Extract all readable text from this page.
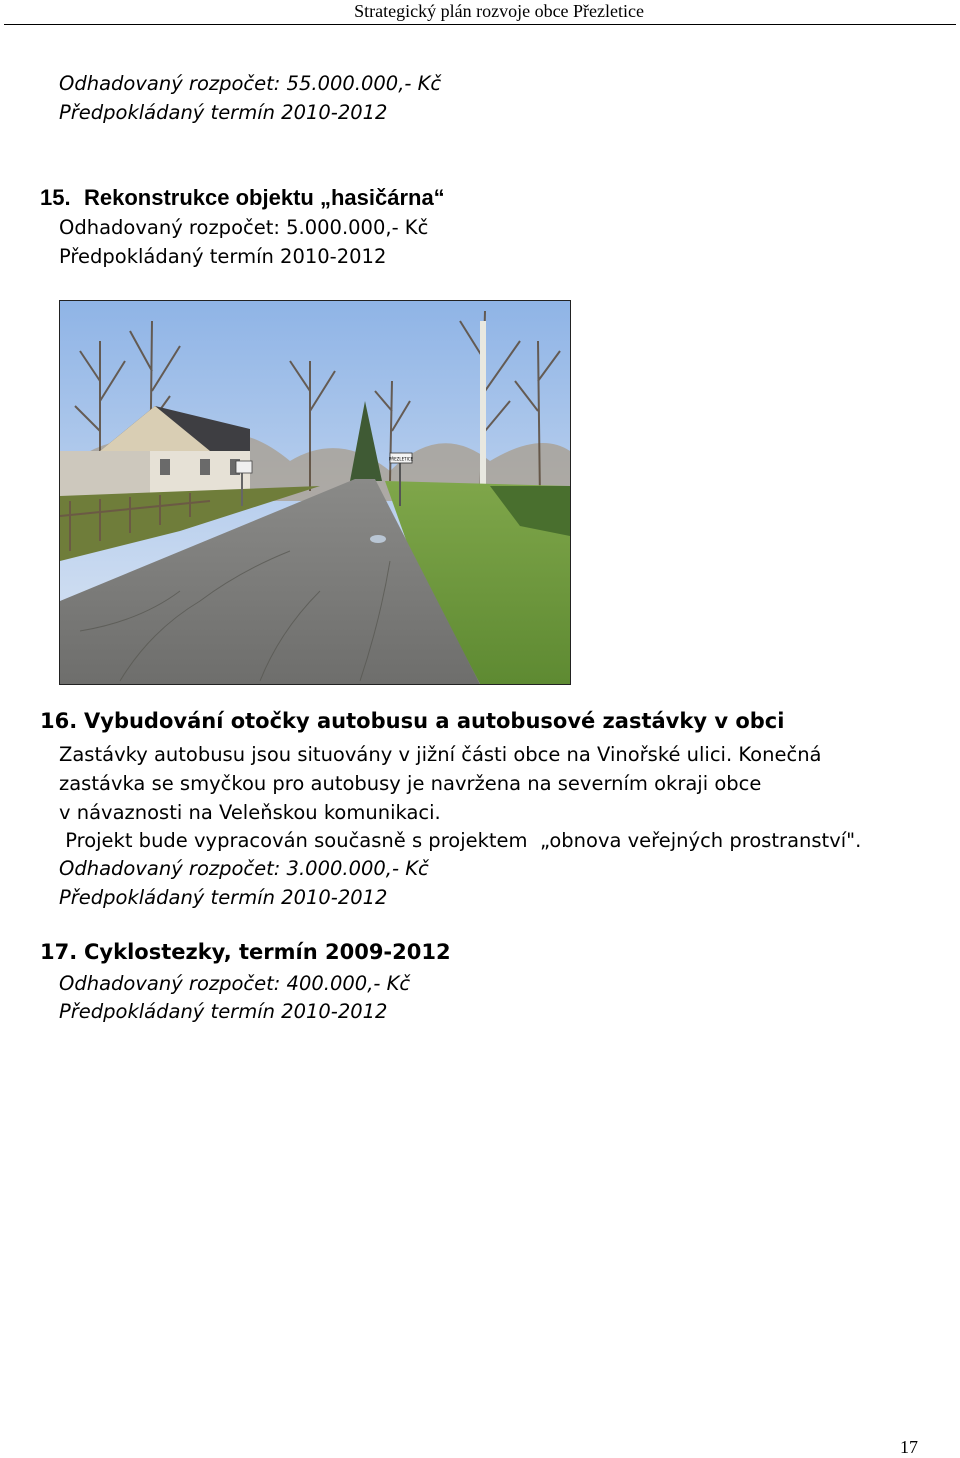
Strategický plán rozvoje obce Přezletice
Odhadovaný rozpočet: 55.000.000,- Kč
Předpokládaný termín 2010-2012
15. Rekonstrukce objektu „hasičárna“
Odhadovaný rozpočet: 5.000.000,- Kč
Předpokládaný termín 2010-2012
PŘEZLETICE
16. Vybudování otočky autobusu a autobusové zastávky v obci
Zastávky autobusu jsou situovány v jižní části obce na Vinořské ulici. Konečná
zastávka se smyčkou pro autobusy je navržena na severním okraji obce
v návaznosti na Veleňskou komunikaci.
Projekt bude vypracován současně s projektem  „obnova veřejných prostranství".
Odhadovaný rozpočet: 3.000.000,- Kč
Předpokládaný termín 2010-2012
17. Cyklostezky, termín 2009-2012
Odhadovaný rozpočet: 400.000,- Kč
Předpokládaný termín 2010-2012
17
